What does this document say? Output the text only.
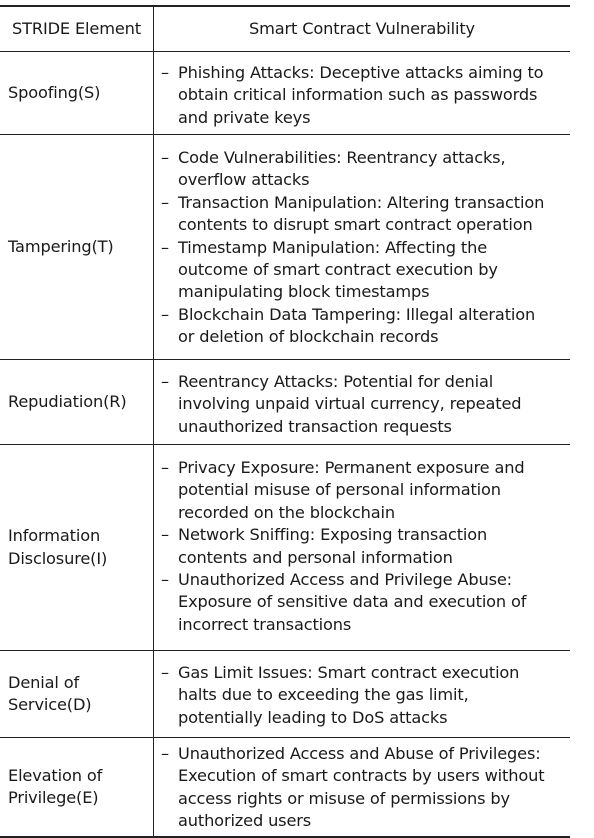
STRIDE Element	Smart Contract Vulnerability
Spoofing(S)
– Phishing Attacks: Deceptive attacks aiming to
obtain critical information such as passwords
and private keys
Tampering(T)
– Code Vulnerabilities: Reentrancy attacks,
overflow attacks
– Transaction Manipulation: Altering transaction
contents to disrupt smart contract operation
– Timestamp Manipulation: Affecting the
outcome of smart contract execution by
manipulating block timestamps
– Blockchain Data Tampering: Illegal alteration
or deletion of blockchain records
Repudiation(R)
– Reentrancy Attacks: Potential for denial
involving unpaid virtual currency, repeated
unauthorized transaction requests
Information
Disclosure(I)
– Privacy Exposure: Permanent exposure and
potential misuse of personal information
recorded on the blockchain
– Network Sniffing: Exposing transaction
contents and personal information
– Unauthorized Access and Privilege Abuse:
Exposure of sensitive data and execution of
incorrect transactions
Denial of
Service(D)
– Gas Limit Issues: Smart contract execution
halts due to exceeding the gas limit,
potentially leading to DoS attacks
Elevation of
Privilege(E)
– Unauthorized Access and Abuse of Privileges:
Execution of smart contracts by users without
access rights or misuse of permissions by
authorized users
